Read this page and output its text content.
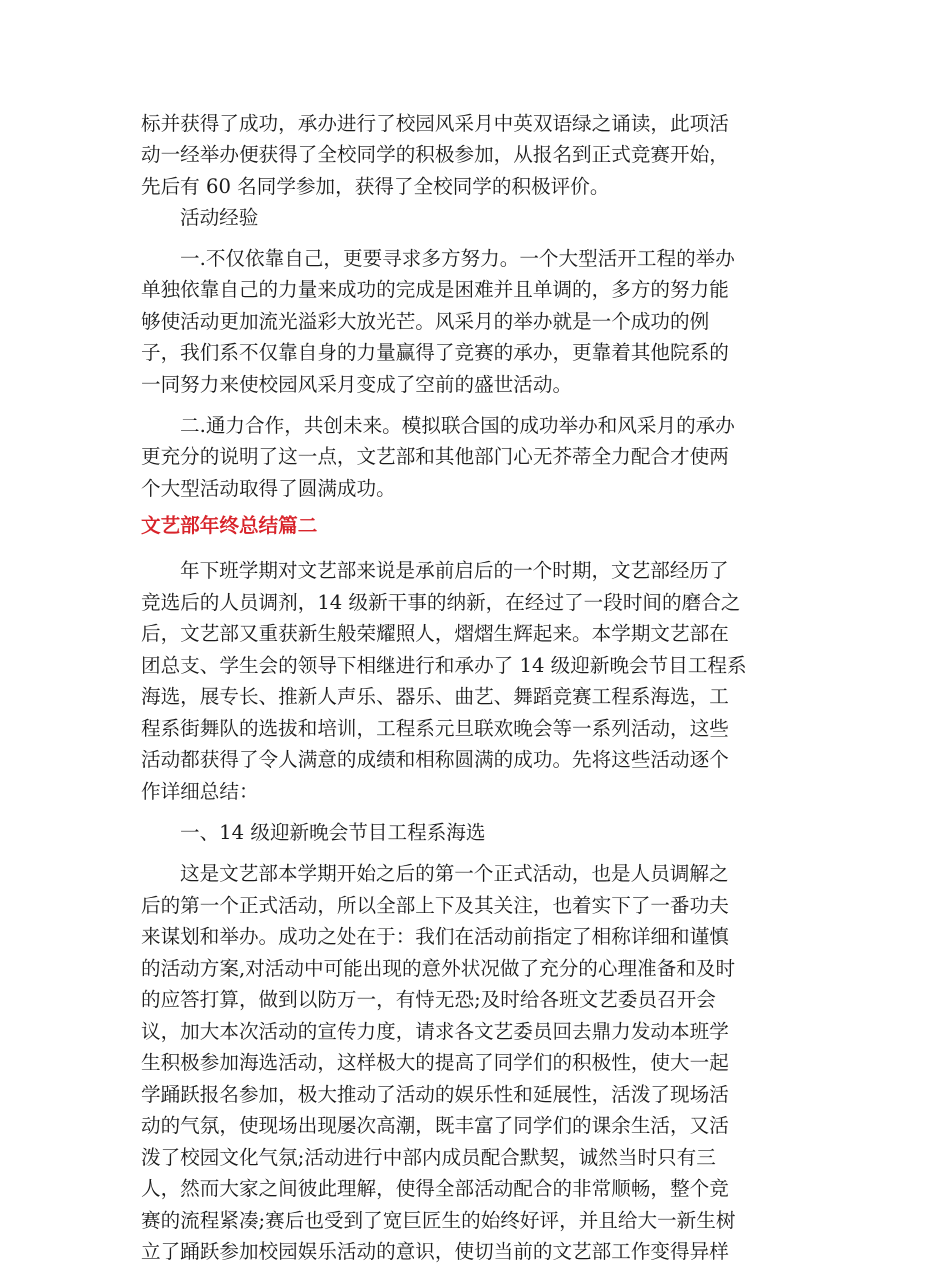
标并获得了成功，承办进行了校园风采月中英双语绿之诵读，此项活

动一经举办便获得了全校同学的积极参加，从报名到正式竞赛开始，

先后有 60 名同学参加，获得了全校同学的积极评价。

活动经验

一.不仅依靠自己，更要寻求多方努力。一个大型活开工程的举办

单独依靠自己的力量来成功的完成是困难并且单调的，多方的努力能

够使活动更加流光溢彩大放光芒。风采月的举办就是一个成功的例

子，我们系不仅靠自身的力量赢得了竞赛的承办，更靠着其他院系的

一同努力来使校园风采月变成了空前的盛世活动。

二.通力合作，共创未来。模拟联合国的成功举办和风采月的承办

更充分的说明了这一点，文艺部和其他部门心无芥蒂全力配合才使两

个大型活动取得了圆满成功。

文艺部年终总结篇二

年下班学期对文艺部来说是承前启后的一个时期，文艺部经历了

竞选后的人员调剂，14 级新干事的纳新，在经过了一段时间的磨合之

后，文艺部又重获新生般荣耀照人，熠熠生辉起来。本学期文艺部在

团总支、学生会的领导下相继进行和承办了 14 级迎新晚会节目工程系

海选，展专长、推新人声乐、器乐、曲艺、舞蹈竞赛工程系海选，工

程系街舞队的选拔和培训，工程系元旦联欢晚会等一系列活动，这些

活动都获得了令人满意的成绩和相称圆满的成功。先将这些活动逐个

作详细总结：

一、14 级迎新晚会节目工程系海选

这是文艺部本学期开始之后的第一个正式活动，也是人员调解之

后的第一个正式活动，所以全部上下及其关注，也着实下了一番功夫

来谋划和举办。成功之处在于：我们在活动前指定了相称详细和谨慎

的活动方案,对活动中可能出现的意外状况做了充分的心理准备和及时

的应答打算，做到以防万一，有恃无恐;及时给各班文艺委员召开会

议，加大本次活动的宣传力度，请求各文艺委员回去鼎力发动本班学

生积极参加海选活动，这样极大的提高了同学们的积极性，使大一起

学踊跃报名参加，极大推动了活动的娱乐性和延展性，活泼了现场活

动的气氛，使现场出现屡次高潮，既丰富了同学们的课余生活，又活

泼了校园文化气氛;活动进行中部内成员配合默契，诚然当时只有三

人，然而大家之间彼此理解，使得全部活动配合的非常顺畅，整个竞

赛的流程紧凑;赛后也受到了宽巨匠生的始终好评，并且给大一新生树

立了踊跃参加校园娱乐活动的意识，使切当前的文艺部工作变得异样
